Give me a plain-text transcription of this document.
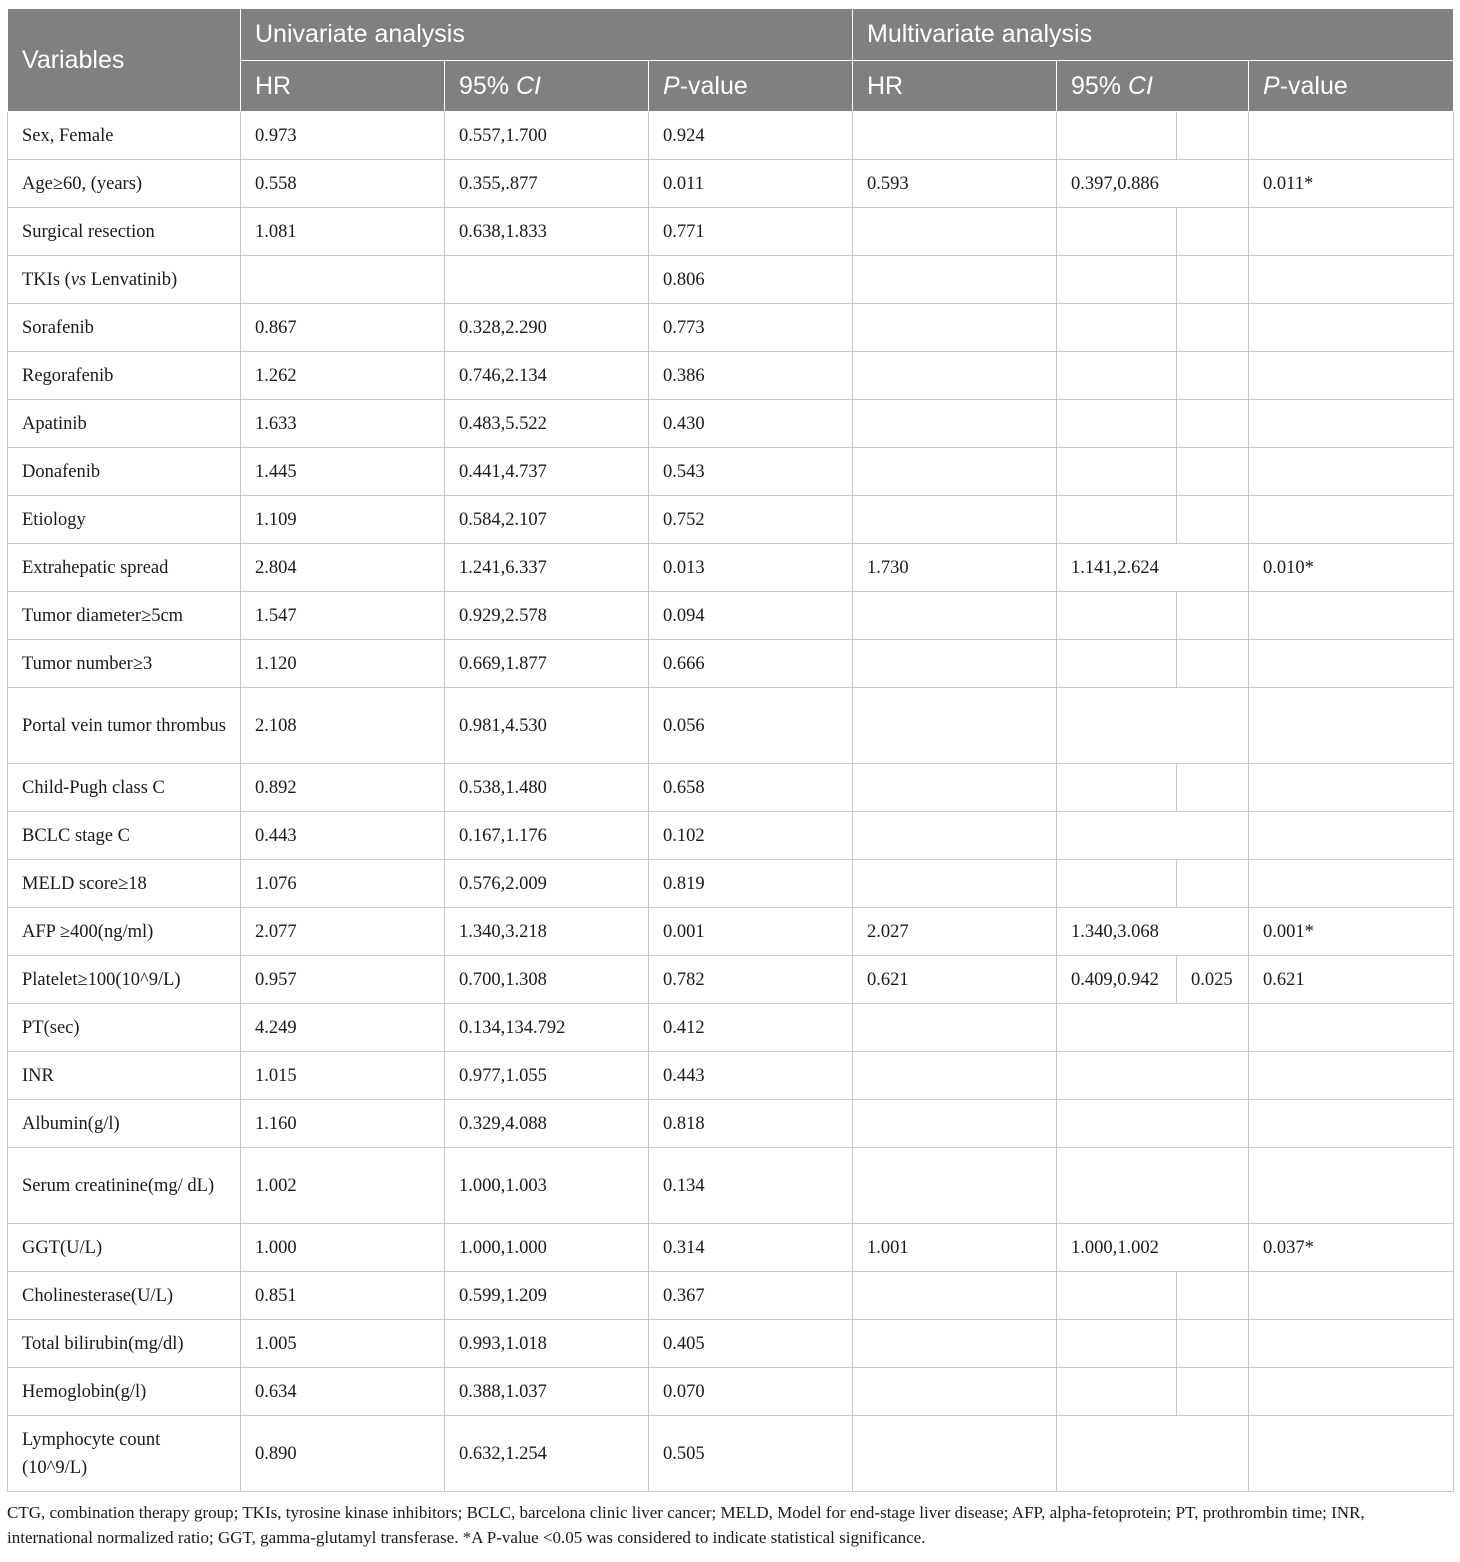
Variables	Univariate analysis			Multivariate analysis			
	HR	95% CI	P-value	HR	95% CI		P-value
Sex, Female	0.973	0.557,1.700	0.924				
Age≥60, (years)	0.558	0.355,.877	0.011	0.593	0.397,0.886		0.011*
Surgical resection	1.081	0.638,1.833	0.771				
TKIs (vs Lenvatinib)			0.806				
Sorafenib	0.867	0.328,2.290	0.773				
Regorafenib	1.262	0.746,2.134	0.386				
Apatinib	1.633	0.483,5.522	0.430				
Donafenib	1.445	0.441,4.737	0.543				
Etiology	1.109	0.584,2.107	0.752				
Extrahepatic spread	2.804	1.241,6.337	0.013	1.730	1.141,2.624		0.010*
Tumor diameter≥5cm	1.547	0.929,2.578	0.094				
Tumor number≥3	1.120	0.669,1.877	0.666				
Portal vein tumor thrombus	2.108	0.981,4.530	0.056				
Child-Pugh class C	0.892	0.538,1.480	0.658				
BCLC stage C	0.443	0.167,1.176	0.102				
MELD score≥18	1.076	0.576,2.009	0.819				
AFP ≥400(ng/ml)	2.077	1.340,3.218	0.001	2.027	1.340,3.068		0.001*
Platelet≥100(10^9/L)	0.957	0.700,1.308	0.782	0.621	0.409,0.942	0.025	0.621
PT(sec)	4.249	0.134,134.792	0.412				
INR	1.015	0.977,1.055	0.443				
Albumin(g/l)	1.160	0.329,4.088	0.818				
Serum creatinine(mg/ dL)	1.002	1.000,1.003	0.134				
GGT(U/L)	1.000	1.000,1.000	0.314	1.001	1.000,1.002		0.037*
Cholinesterase(U/L)	0.851	0.599,1.209	0.367				
Total bilirubin(mg/dl)	1.005	0.993,1.018	0.405				
Hemoglobin(g/l)	0.634	0.388,1.037	0.070				
Lymphocyte count (10^9/L)	0.890	0.632,1.254	0.505				
CTG, combination therapy group; TKIs, tyrosine kinase inhibitors; BCLC, barcelona clinic liver cancer; MELD, Model for end-stage liver disease; AFP, alpha-fetoprotein; PT, prothrombin time; INR, international normalized ratio; GGT, gamma-glutamyl transferase. *A P-value <0.05 was considered to indicate statistical significance.
